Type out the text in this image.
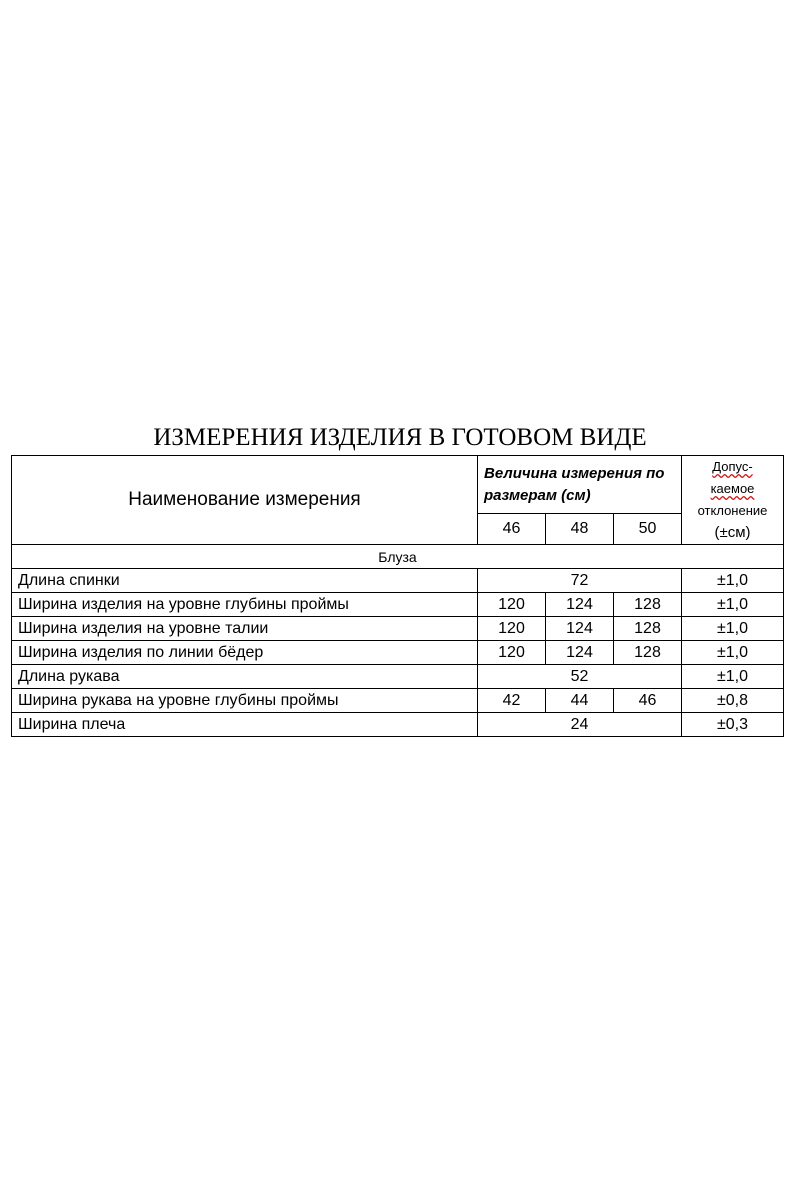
ИЗМЕРЕНИЯ ИЗДЕЛИЯ В ГОТОВОМ ВИДЕ
Наименование измерения	Величина измерения по размерам (см)			Допус-
каемое
отклонение
(±см)
	46	48	50	
Блуза				
Длина спинки	72			±1,0
Ширина изделия на уровне глубины проймы	120	124	128	±1,0
Ширина изделия на уровне талии	120	124	128	±1,0
Ширина изделия по линии бёдер	120	124	128	±1,0
Длина рукава	52			±1,0
Ширина рукава на уровне глубины проймы	42	44	46	±0,8
Ширина плеча	24			±0,3
